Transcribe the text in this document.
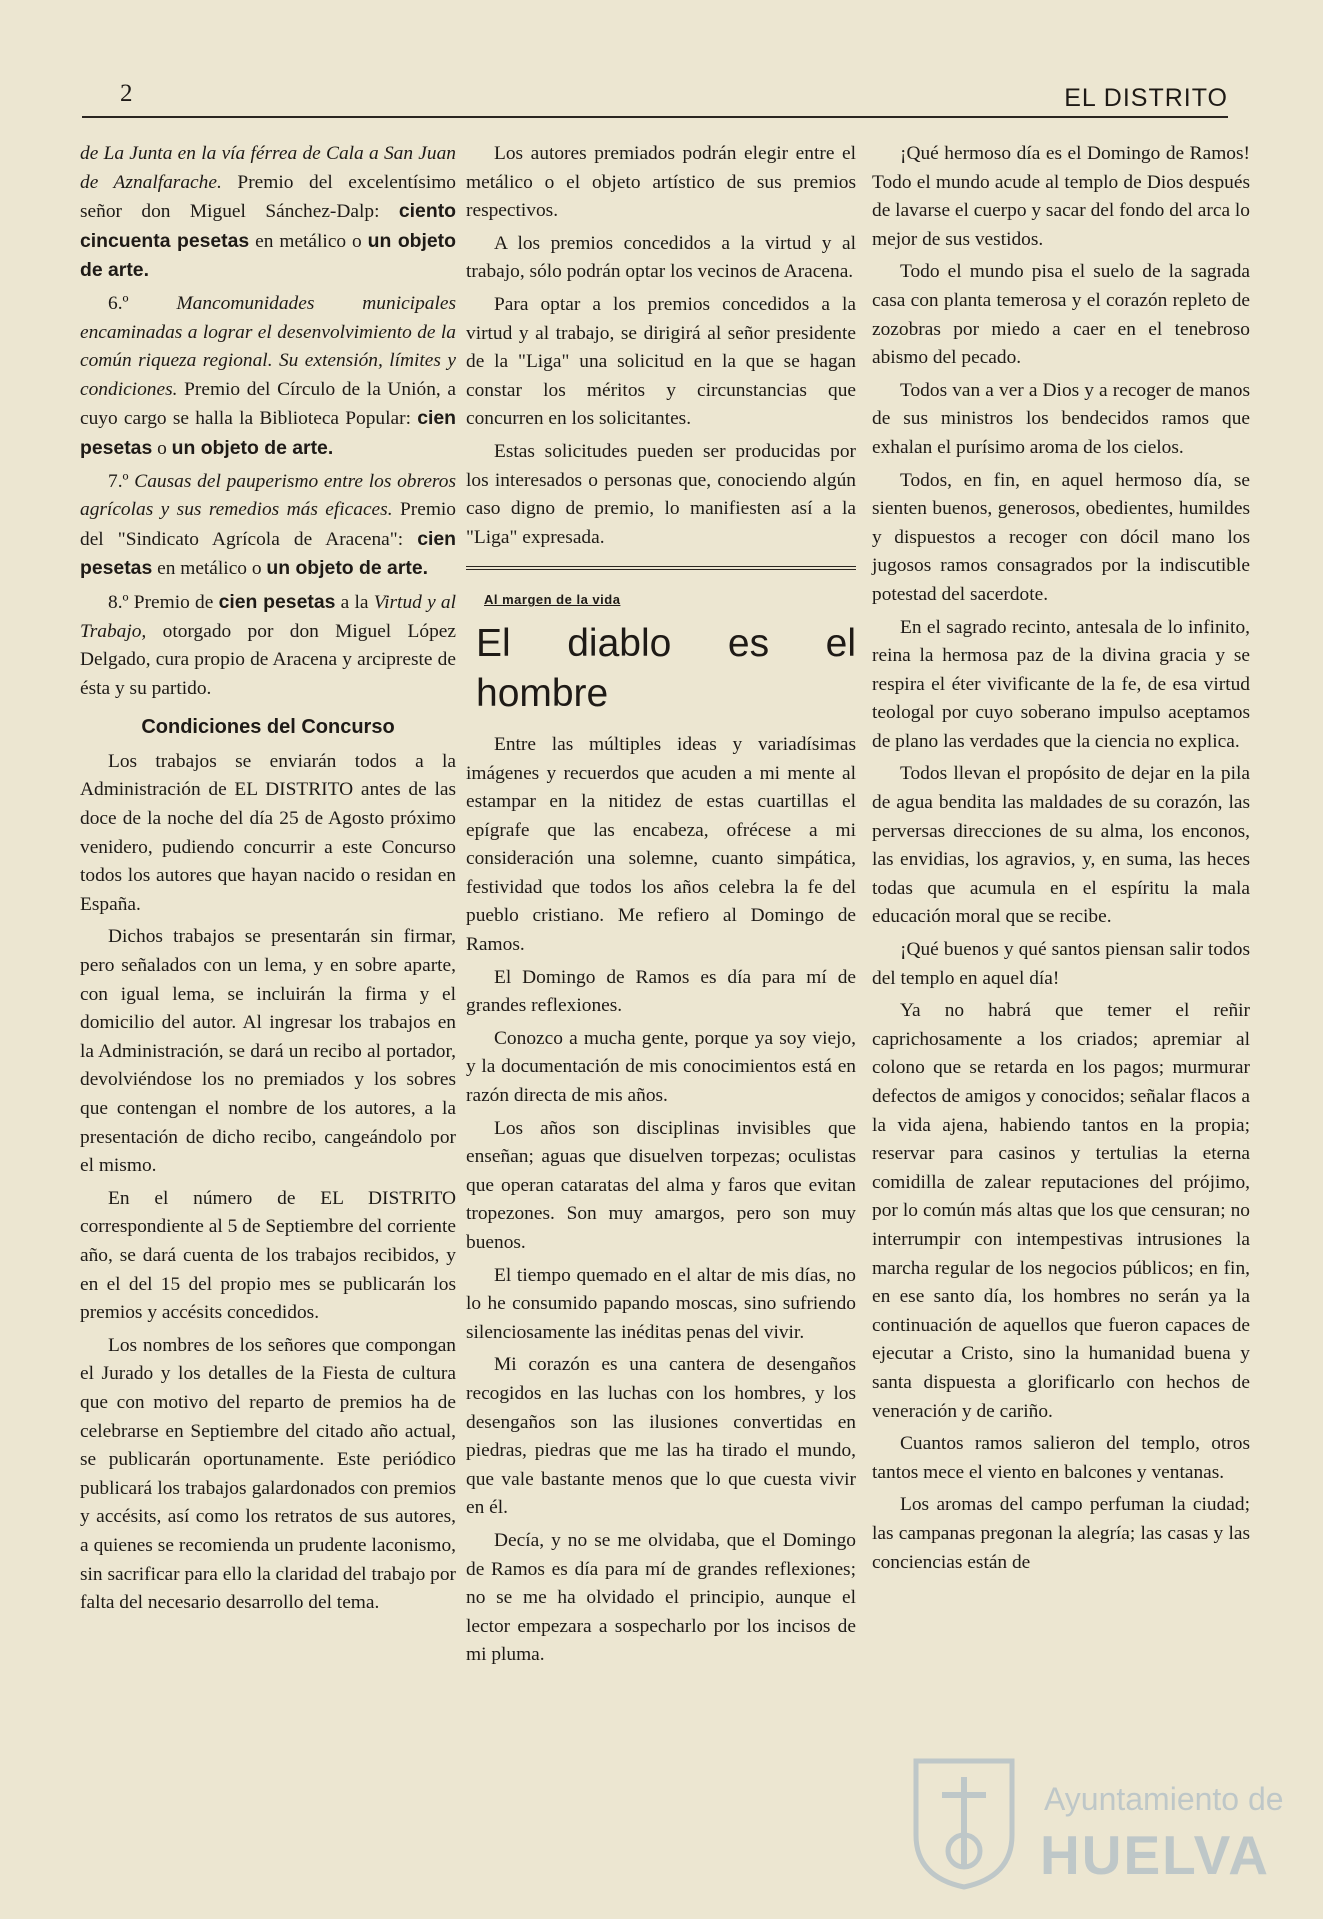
2	EL DISTRITO

de La Junta en la vía férrea de Cala a San Juan de Aznalfarache. Premio del excelentísimo señor don Miguel Sánchez-Dalp: ciento cincuenta pesetas en metálico o un objeto de arte.

6.º Mancomunidades municipales encaminadas a lograr el desenvolvimiento de la común riqueza regional. Su extensión, límites y condiciones. Premio del Círculo de la Unión, a cuyo cargo se halla la Biblioteca Popular: cien pesetas o un objeto de arte.

7.º Causas del pauperismo entre los obreros agrícolas y sus remedios más eficaces. Premio del "Sindicato Agrícola de Aracena": cien pesetas en metálico o un objeto de arte.

8.º Premio de cien pesetas a la Virtud y al Trabajo, otorgado por don Miguel López Delgado, cura propio de Aracena y arcipreste de ésta y su partido.

Condiciones del Concurso

Los trabajos se enviarán todos a la Administración de EL DISTRITO antes de las doce de la noche del día 25 de Agosto próximo venidero, pudiendo concurrir a este Concurso todos los autores que hayan nacido o residan en España.

Dichos trabajos se presentarán sin firmar, pero señalados con un lema, y en sobre aparte, con igual lema, se incluirán la firma y el domicilio del autor. Al ingresar los trabajos en la Administración, se dará un recibo al portador, devolviéndose los no premiados y los sobres que contengan el nombre de los autores, a la presentación de dicho recibo, cangeándolo por el mismo.

En el número de EL DISTRITO correspondiente al 5 de Septiembre del corriente año, se dará cuenta de los trabajos recibidos, y en el del 15 del propio mes se publicarán los premios y accésits concedidos.

Los nombres de los señores que compongan el Jurado y los detalles de la Fiesta de cultura que con motivo del reparto de premios ha de celebrarse en Septiembre del citado año actual, se publicarán oportunamente. Este periódico publicará los trabajos galardonados con premios y accésits, así como los retratos de sus autores, a quienes se recomienda un prudente laconismo, sin sacrificar para ello la claridad del trabajo por falta del necesario desarrollo del tema.

Los autores premiados podrán elegir entre el metálico o el objeto artístico de sus premios respectivos.

A los premios concedidos a la virtud y al trabajo, sólo podrán optar los vecinos de Aracena.

Para optar a los premios concedidos a la virtud y al trabajo, se dirigirá al señor presidente de la "Liga" una solicitud en la que se hagan constar los méritos y circunstancias que concurren en los solicitantes.

Estas solicitudes pueden ser producidas por los interesados o personas que, conociendo algún caso digno de premio, lo manifiesten así a la "Liga" expresada.

Al margen de la vida
El diablo es el hombre

Entre las múltiples ideas y variadísimas imágenes y recuerdos que acuden a mi mente al estampar en la nitidez de estas cuartillas el epígrafe que las encabeza, ofrécese a mi consideración una solemne, cuanto simpática, festividad que todos los años celebra la fe del pueblo cristiano. Me refiero al Domingo de Ramos.

El Domingo de Ramos es día para mí de grandes reflexiones.

Conozco a mucha gente, porque ya soy viejo, y la documentación de mis conocimientos está en razón directa de mis años.

Los años son disciplinas invisibles que enseñan; aguas que disuelven torpezas; oculistas que operan cataratas del alma y faros que evitan tropezones. Son muy amargos, pero son muy buenos.

El tiempo quemado en el altar de mis días, no lo he consumido papando moscas, sino sufriendo silenciosamente las inéditas penas del vivir.

Mi corazón es una cantera de desengaños recogidos en las luchas con los hombres, y los desengaños son las ilusiones convertidas en piedras, piedras que me las ha tirado el mundo, que vale bastante menos que lo que cuesta vivir en él.

Decía, y no se me olvidaba, que el Domingo de Ramos es día para mí de grandes reflexiones; no se me ha olvidado el principio, aunque el lector empezara a sospecharlo por los incisos de mi pluma.

¡Qué hermoso día es el Domingo de Ramos! Todo el mundo acude al templo de Dios después de lavarse el cuerpo y sacar del fondo del arca lo mejor de sus vestidos.

Todo el mundo pisa el suelo de la sagrada casa con planta temerosa y el corazón repleto de zozobras por miedo a caer en el tenebroso abismo del pecado.

Todos van a ver a Dios y a recoger de manos de sus ministros los bendecidos ramos que exhalan el purísimo aroma de los cielos.

Todos, en fin, en aquel hermoso día, se sienten buenos, generosos, obedientes, humildes y dispuestos a recoger con dócil mano los jugosos ramos consagrados por la indiscutible potestad del sacerdote.

En el sagrado recinto, antesala de lo infinito, reina la hermosa paz de la divina gracia y se respira el éter vivificante de la fe, de esa virtud teologal por cuyo soberano impulso aceptamos de plano las verdades que la ciencia no explica.

Todos llevan el propósito de dejar en la pila de agua bendita las maldades de su corazón, las perversas direcciones de su alma, los enconos, las envidias, los agravios, y, en suma, las heces todas que acumula en el espíritu la mala educación moral que se recibe.

¡Qué buenos y qué santos piensan salir todos del templo en aquel día!

Ya no habrá que temer el reñir caprichosamente a los criados; apremiar al colono que se retarda en los pagos; murmurar defectos de amigos y conocidos; señalar flacos a la vida ajena, habiendo tantos en la propia; reservar para casinos y tertulias la eterna comidilla de zalear reputaciones del prójimo, por lo común más altas que los que censuran; no interrumpir con intempestivas intrusiones la marcha regular de los negocios públicos; en fin, en ese santo día, los hombres no serán ya la continuación de aquellos que fueron capaces de ejecutar a Cristo, sino la humanidad buena y santa dispuesta a glorificarlo con hechos de veneración y de cariño.

Cuantos ramos salieron del templo, otros tantos mece el viento en balcones y ventanas.

Los aromas del campo perfuman la ciudad; las campanas pregonan la alegría; las casas y las conciencias están de

Ayuntamiento de
HUELVA
